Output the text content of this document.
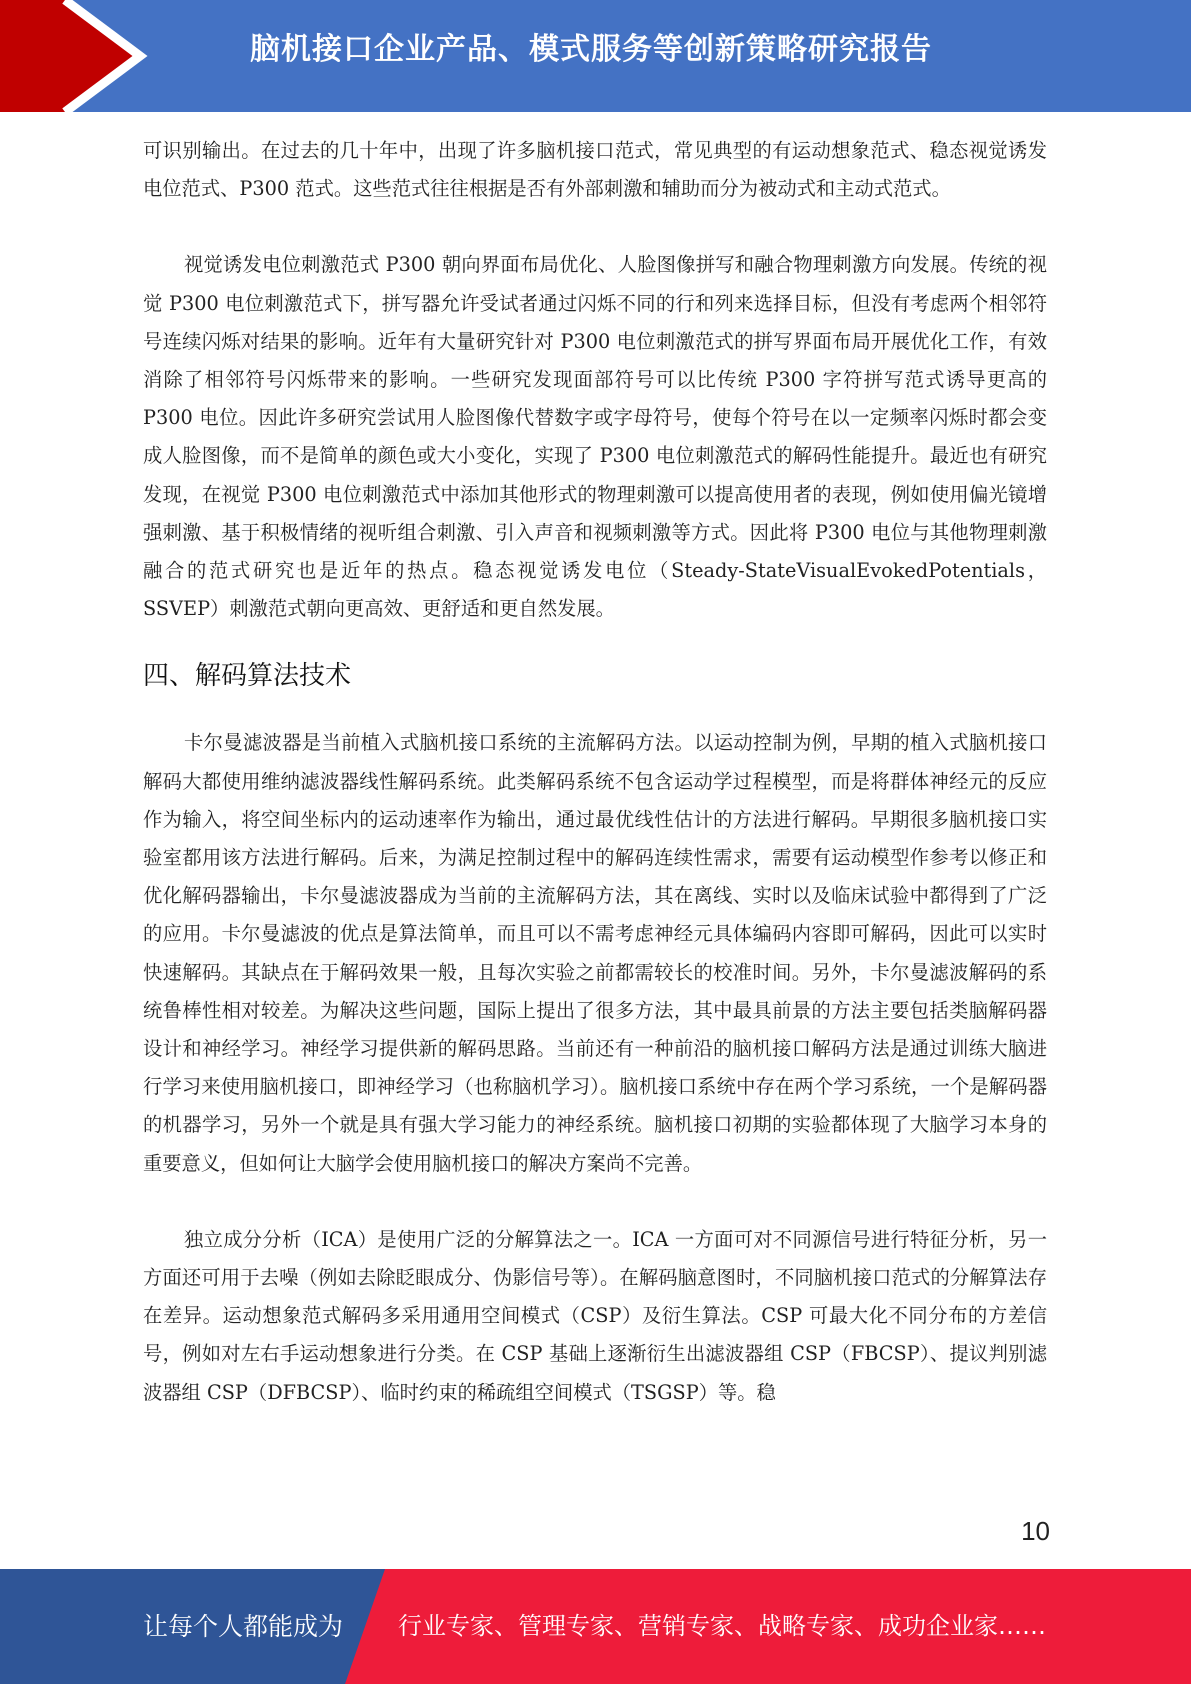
脑机接口企业产品、模式服务等创新策略研究报告

可识别输出。在过去的几十年中，出现了许多脑机接口范式，常见典型的有运动想象范式、稳态视觉诱发电位范式、P300 范式。这些范式往往根据是否有外部刺激和辅助而分为被动式和主动式范式。

视觉诱发电位刺激范式 P300 朝向界面布局优化、人脸图像拼写和融合物理刺激方向发展。传统的视觉 P300 电位刺激范式下，拼写器允许受试者通过闪烁不同的行和列来选择目标，但没有考虑两个相邻符号连续闪烁对结果的影响。近年有大量研究针对 P300 电位刺激范式的拼写界面布局开展优化工作，有效消除了相邻符号闪烁带来的影响。一些研究发现面部符号可以比传统 P300 字符拼写范式诱导更高的 P300 电位。因此许多研究尝试用人脸图像代替数字或字母符号，使每个符号在以一定频率闪烁时都会变成人脸图像，而不是简单的颜色或大小变化，实现了 P300 电位刺激范式的解码性能提升。最近也有研究发现，在视觉 P300 电位刺激范式中添加其他形式的物理刺激可以提高使用者的表现，例如使用偏光镜增强刺激、基于积极情绪的视听组合刺激、引入声音和视频刺激等方式。因此将 P300 电位与其他物理刺激融合的范式研究也是近年的热点。稳态视觉诱发电位（Steady-StateVisualEvokedPotentials，SSVEP）刺激范式朝向更高效、更舒适和更自然发展。

四、解码算法技术

卡尔曼滤波器是当前植入式脑机接口系统的主流解码方法。以运动控制为例，早期的植入式脑机接口解码大都使用维纳滤波器线性解码系统。此类解码系统不包含运动学过程模型，而是将群体神经元的反应作为输入，将空间坐标内的运动速率作为输出，通过最优线性估计的方法进行解码。早期很多脑机接口实验室都用该方法进行解码。后来，为满足控制过程中的解码连续性需求，需要有运动模型作参考以修正和优化解码器输出，卡尔曼滤波器成为当前的主流解码方法，其在离线、实时以及临床试验中都得到了广泛的应用。卡尔曼滤波的优点是算法简单，而且可以不需考虑神经元具体编码内容即可解码，因此可以实时快速解码。其缺点在于解码效果一般，且每次实验之前都需较长的校准时间。另外，卡尔曼滤波解码的系统鲁棒性相对较差。为解决这些问题，国际上提出了很多方法，其中最具前景的方法主要包括类脑解码器设计和神经学习。神经学习提供新的解码思路。当前还有一种前沿的脑机接口解码方法是通过训练大脑进行学习来使用脑机接口，即神经学习（也称脑机学习）。脑机接口系统中存在两个学习系统，一个是解码器的机器学习，另外一个就是具有强大学习能力的神经系统。脑机接口初期的实验都体现了大脑学习本身的重要意义，但如何让大脑学会使用脑机接口的解决方案尚不完善。

独立成分分析（ICA）是使用广泛的分解算法之一。ICA 一方面可对不同源信号进行特征分析，另一方面还可用于去噪（例如去除眨眼成分、伪影信号等）。在解码脑意图时，不同脑机接口范式的分解算法存在差异。运动想象范式解码多采用通用空间模式（CSP）及衍生算法。CSP 可最大化不同分布的方差信号，例如对左右手运动想象进行分类。在 CSP 基础上逐渐衍生出滤波器组 CSP（FBCSP）、提议判别滤波器组 CSP（DFBCSP）、临时约束的稀疏组空间模式（TSGSP）等。稳

10
让每个人都能成为 行业专家、管理专家、营销专家、战略专家、成功企业家……
